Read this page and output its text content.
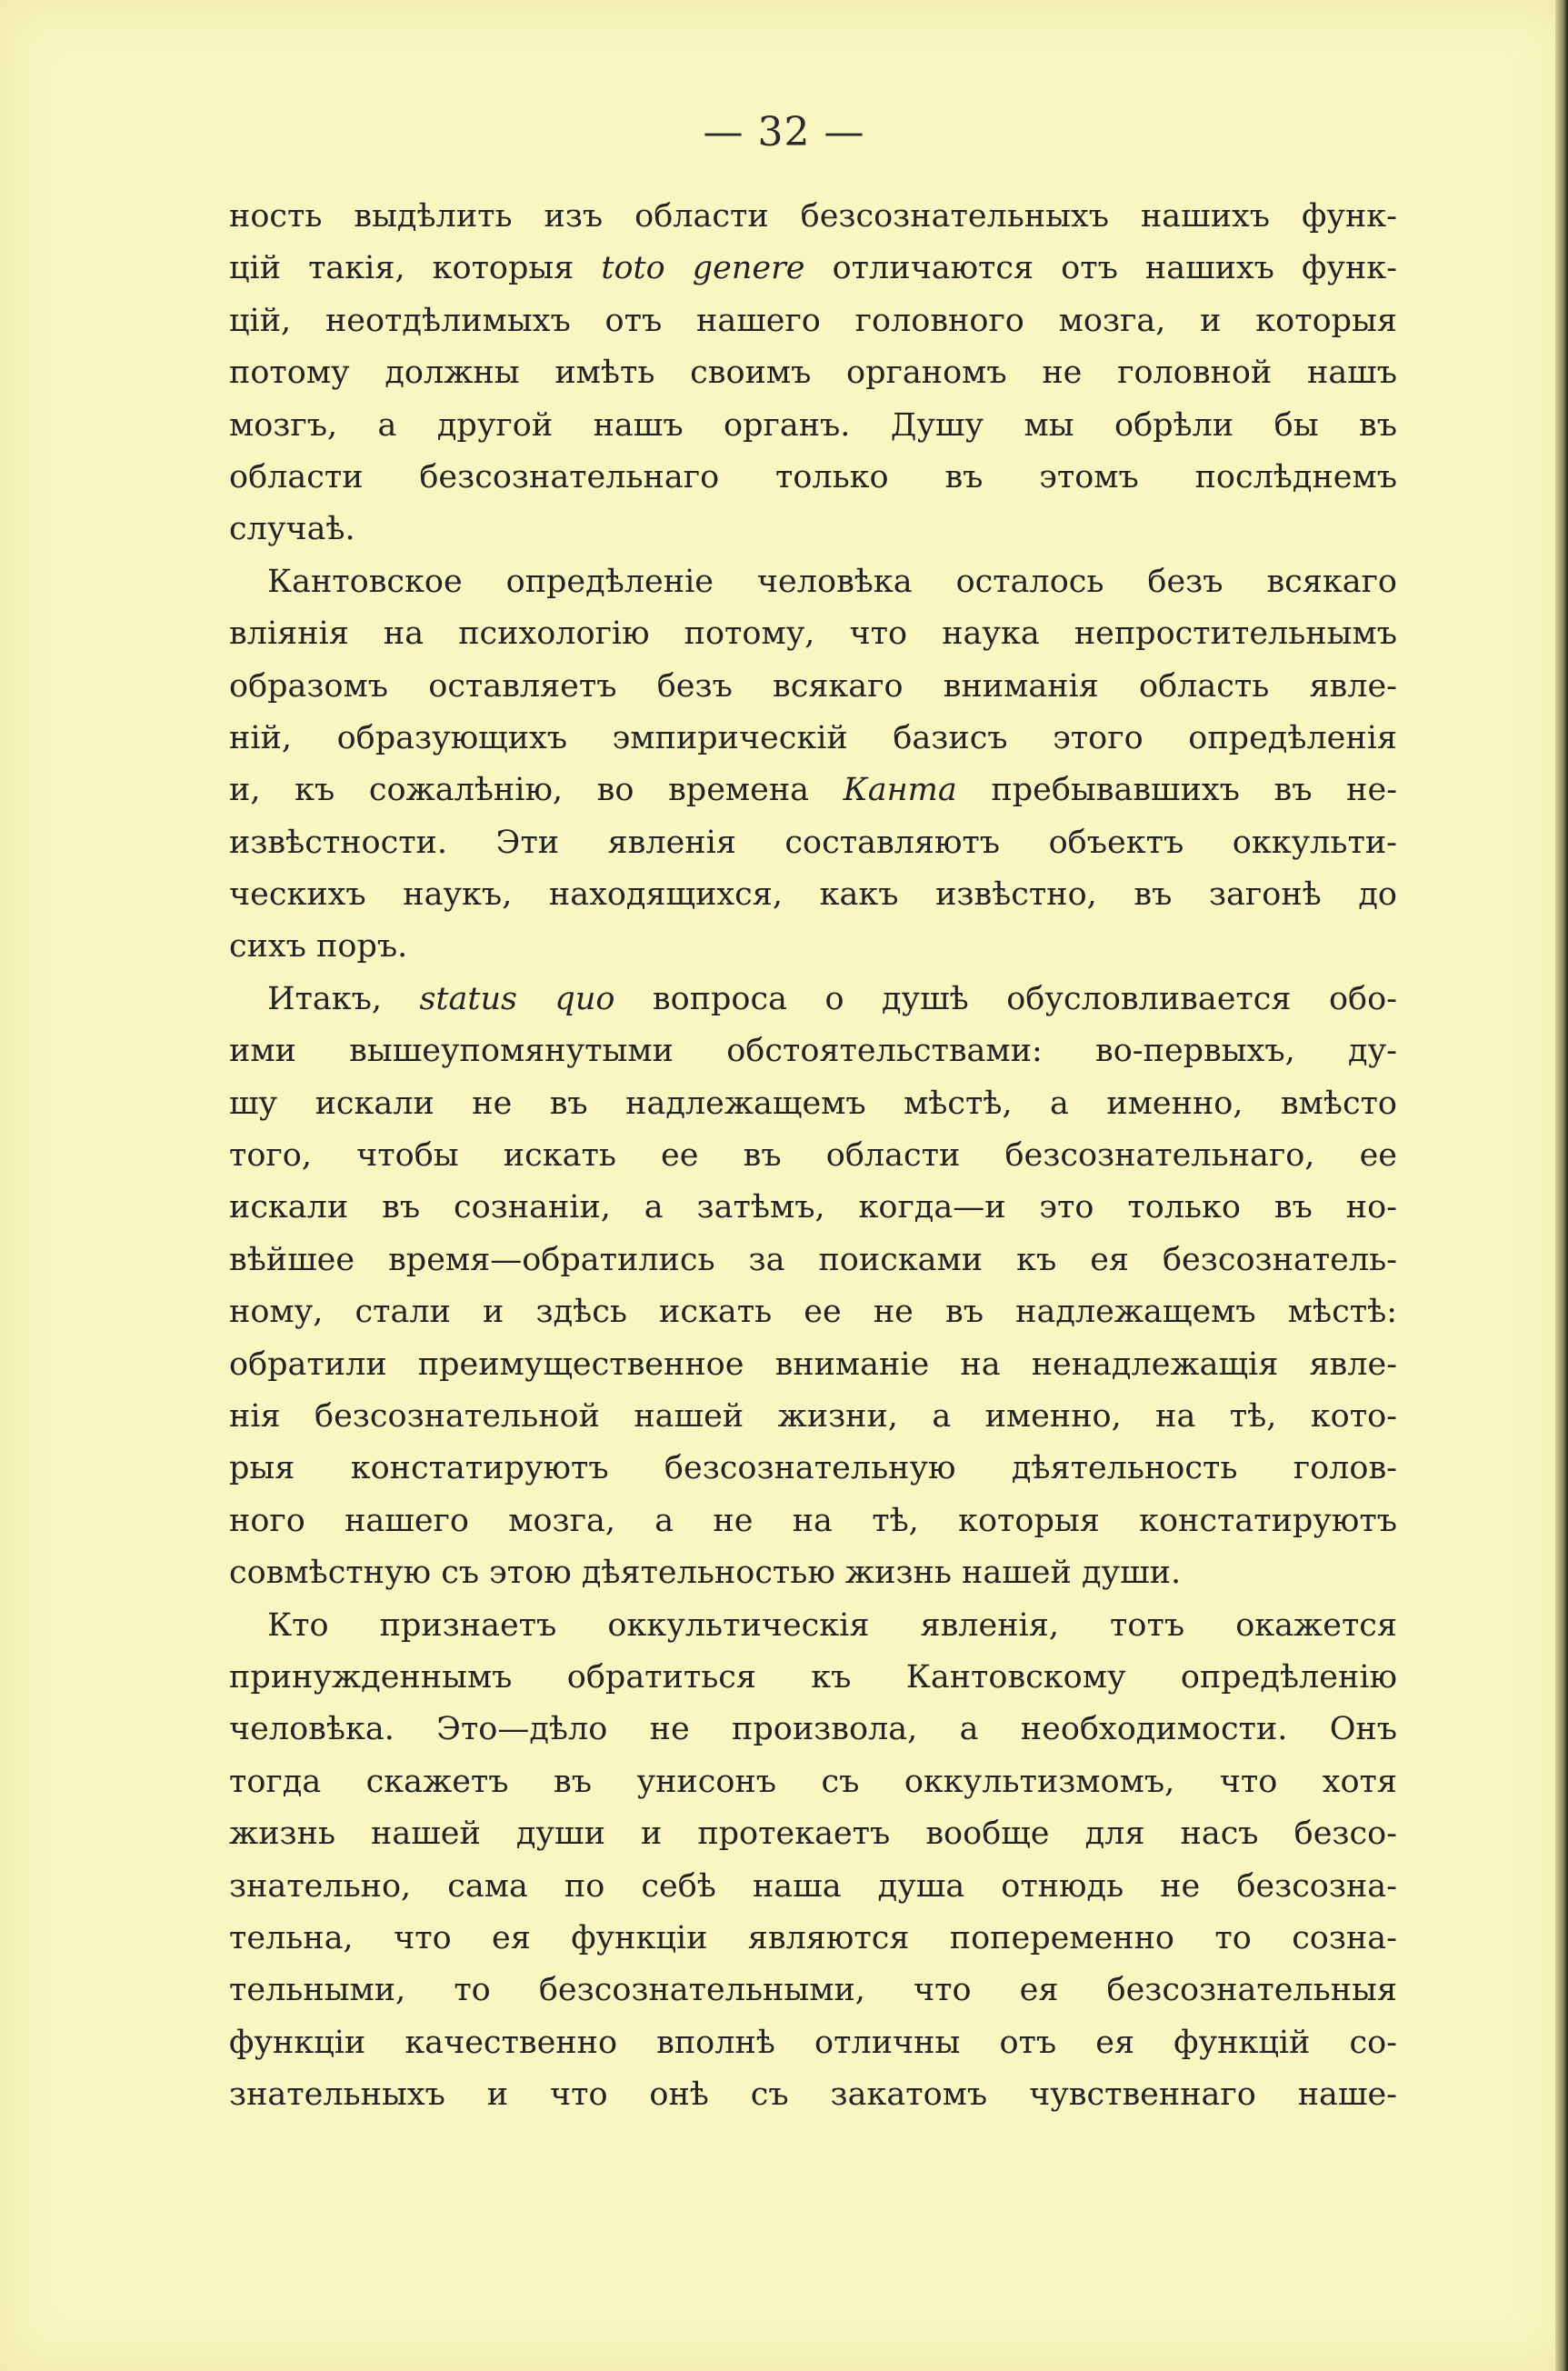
— 32 —
ность выдѣлить изъ области безсознательныхъ нашихъ функ-
цій такія, которыя toto genere отличаются отъ нашихъ функ-
цій, неотдѣлимыхъ отъ нашего головного мозга, и которыя
потому должны имѣть своимъ органомъ не головной нашъ
мозгъ, а другой нашъ органъ. Душу мы обрѣли бы въ
области безсознательнаго только въ этомъ послѣднемъ
случаѣ.
Кантовское опредѣленіе человѣка осталось безъ всякаго
вліянія на психологію потому, что наука непростительнымъ
образомъ оставляетъ безъ всякаго вниманія область явле-
ній, образующихъ эмпирическій базисъ этого опредѣленія
и, къ сожалѣнію, во времена Канта пребывавшихъ въ не-
извѣстности. Эти явленія составляютъ объектъ оккульти-
ческихъ наукъ, находящихся, какъ извѣстно, въ загонѣ до
сихъ поръ.
Итакъ, status quo вопроса о душѣ обусловливается обо-
ими вышеупомянутыми обстоятельствами: во-первыхъ, ду-
шу искали не въ надлежащемъ мѣстѣ, а именно, вмѣсто
того, чтобы искать ее въ области безсознательнаго, ее
искали въ сознаніи, а затѣмъ, когда—и это только въ но-
вѣйшее время—обратились за поисками къ ея безсознатель-
ному, стали и здѣсь искать ее не въ надлежащемъ мѣстѣ:
обратили преимущественное вниманіе на ненадлежащія явле-
нія безсознательной нашей жизни, а именно, на тѣ, кото-
рыя констатируютъ безсознательную дѣятельность голов-
ного нашего мозга, а не на тѣ, которыя констатируютъ
совмѣстную съ этою дѣятельностью жизнь нашей души.
Кто признаетъ оккультическія явленія, тотъ окажется
принужденнымъ обратиться къ Кантовскому опредѣленію
человѣка. Это—дѣло не произвола, а необходимости. Онъ
тогда скажетъ въ унисонъ съ оккультизмомъ, что хотя
жизнь нашей души и протекаетъ вообще для насъ безсо-
знательно, сама по себѣ наша душа отнюдь не безсозна-
тельна, что ея функціи являются попеременно то созна-
тельными, то безсознательными, что ея безсознательныя
функціи качественно вполнѣ отличны отъ ея функцій со-
знательныхъ и что онѣ съ закатомъ чувственнаго наше-
